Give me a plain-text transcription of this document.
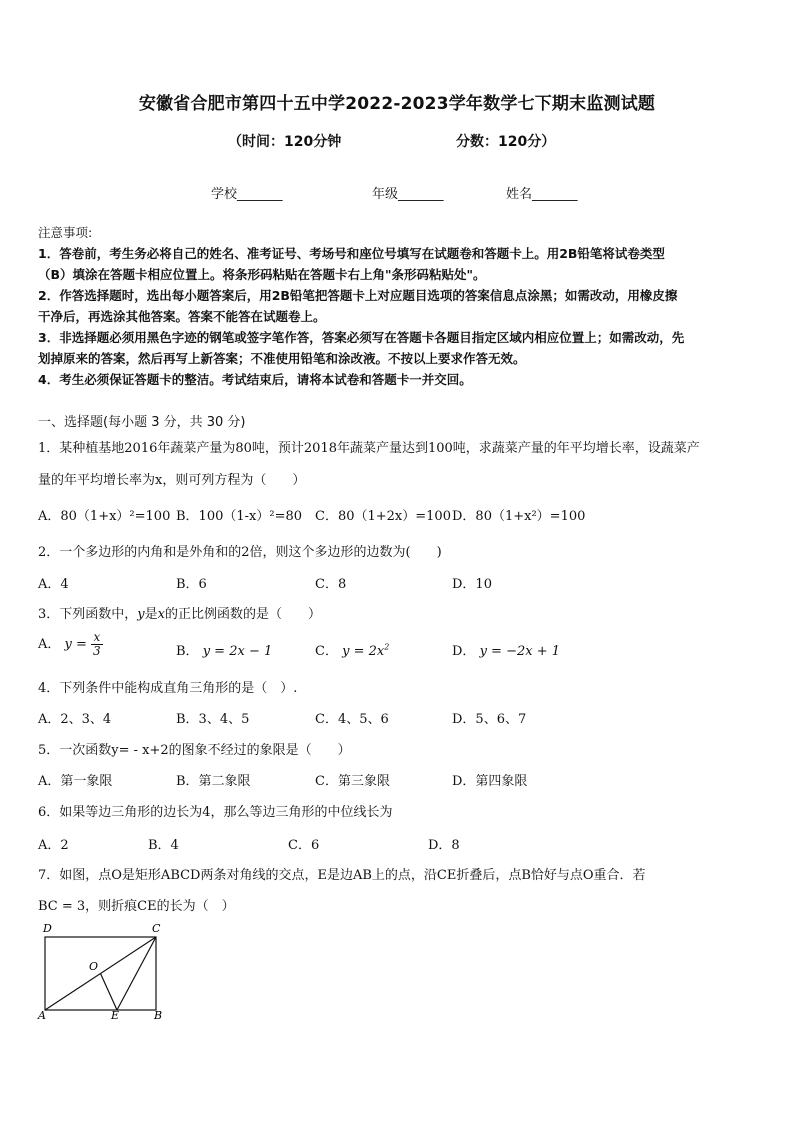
安徽省合肥市第四十五中学2022-2023学年数学七下期末监测试题
（时间：120分钟	分数：120分）
学校_______	年级_______	姓名_______
注意事项:
1．答卷前，考生务必将自己的姓名、准考证号、考场号和座位号填写在试题卷和答题卡上。用2B铅笔将试卷类型
（B）填涂在答题卡相应位置上。将条形码粘贴在答题卡右上角"条形码粘贴处"。
2．作答选择题时，选出每小题答案后，用2B铅笔把答题卡上对应题目选项的答案信息点涂黑；如需改动，用橡皮擦
干净后，再选涂其他答案。答案不能答在试题卷上。
3．非选择题必须用黑色字迹的钢笔或签字笔作答，答案必须写在答题卡各题目指定区域内相应位置上；如需改动，先
划掉原来的答案，然后再写上新答案；不准使用铅笔和涂改液。不按以上要求作答无效。
4．考生必须保证答题卡的整洁。考试结束后，请将本试卷和答题卡一并交回。
一、选择题(每小题 3 分，共 30 分)
1．某种植基地2016年蔬菜产量为80吨，预计2018年蔬菜产量达到100吨，求蔬菜产量的年平均增长率，设蔬菜产
量的年平均增长率为x，则可列方程为（　　）
A．80（1+x）²=100 B．100（1-x）²=80 C．80（1+2x）=100 D．80（1+x²）=100
2．一个多边形的内角和是外角和的2倍，则这个多边形的边数为(　　)
A．4	B．6	C．8	D．10
3．下列函数中，y是x的正比例函数的是（　　）
A． $y = \frac{x}{3}$	B． y = 2x − 1	C． $y = 2x^2$	D． y = −2x + 1
4．下列条件中能构成直角三角形的是（　）.
A．2、3、4	B．3、4、5	C．4、5、6	D．5、6、7
5．一次函数y= - x+2的图象不经过的象限是（　　）
A．第一象限	B．第二象限	C．第三象限	D．第四象限
6．如果等边三角形的边长为4，那么等边三角形的中位线长为
A．2	B．4	C．6	D．8
7．如图，点O是矩形ABCD两条对角线的交点，E是边AB上的点，沿CE折叠后，点B恰好与点O重合．若
BC = 3，则折痕CE的长为（　）
D	C
O
A	E	B
